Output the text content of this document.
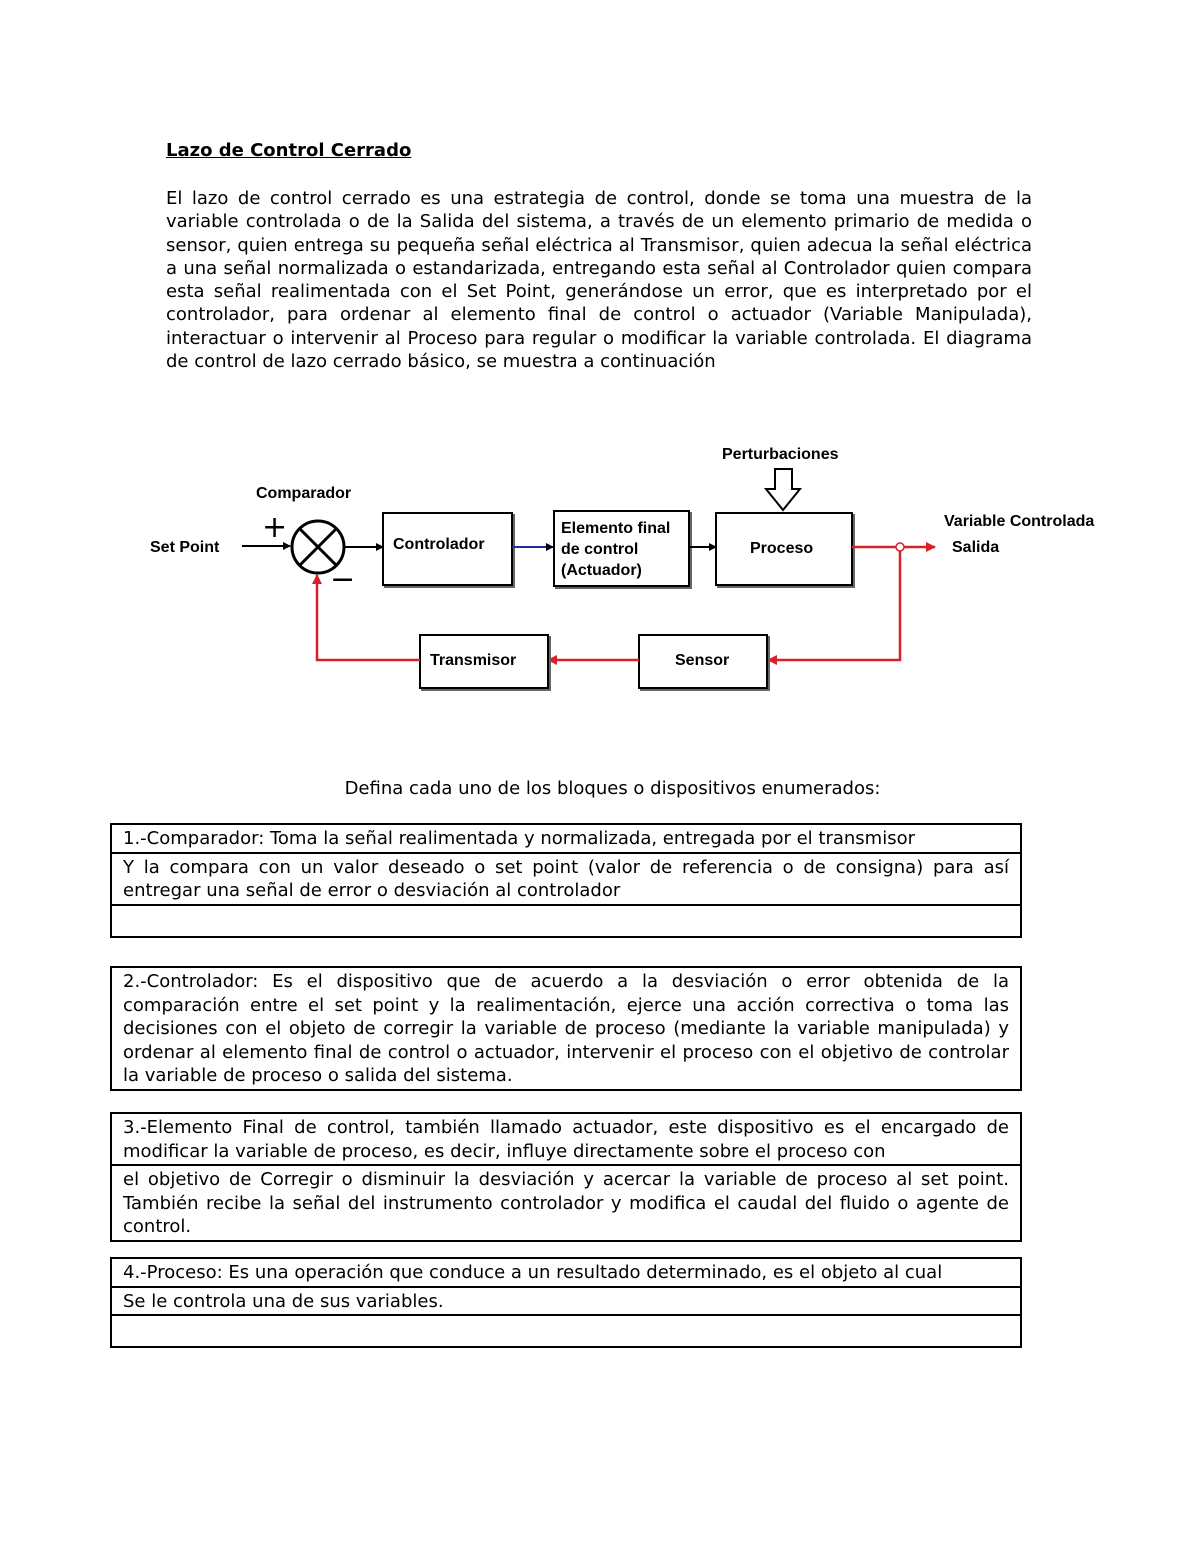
Lazo de Control Cerrado

El lazo de control cerrado es una estrategia de control, donde se toma una muestra de la variable controlada o de la Salida del sistema, a través de un elemento primario de medida o sensor, quien entrega su pequeña señal eléctrica al Transmisor, quien adecua la señal eléctrica a una señal normalizada o estandarizada, entregando esta señal al Controlador quien compara esta señal realimentada con el Set Point, generándose un error, que es interpretado por el controlador, para ordenar al elemento final de control o actuador (Variable Manipulada), interactuar o intervenir al Proceso para regular o modificar la variable controlada. El diagrama de control de lazo cerrado básico, se muestra a continuación

Set Point
Comparador
+
−
Controlador
Elemento final
de control
(Actuador)
Proceso
Perturbaciones
Variable Controlada
Salida
Sensor
Transmisor
Defina cada uno de los bloques o dispositivos enumerados:
1.-Comparador: Toma la señal realimentada y normalizada, entregada por el transmisor
Y la compara con un valor deseado o set point (valor de referencia o de consigna) para así entregar una señal de error o desviación al controlador

2.-Controlador: Es el dispositivo que de acuerdo a la desviación o error obtenida de la comparación entre el set point y la realimentación, ejerce una acción correctiva o toma las decisiones con el objeto de corregir la variable de proceso (mediante la variable manipulada) y ordenar al elemento final de control o actuador, intervenir el proceso con el objetivo de controlar la variable de proceso o salida del sistema.
3.-Elemento Final de control, también llamado actuador, este dispositivo es el encargado de modificar la variable de proceso, es decir, influye directamente sobre el proceso con
el objetivo de Corregir o disminuir la desviación y acercar la variable de proceso al set point. También recibe la señal del instrumento controlador y modifica el caudal del fluido o agente de control.
4.-Proceso: Es una operación que conduce a un resultado determinado, es el objeto al cual
Se le controla una de sus variables.
